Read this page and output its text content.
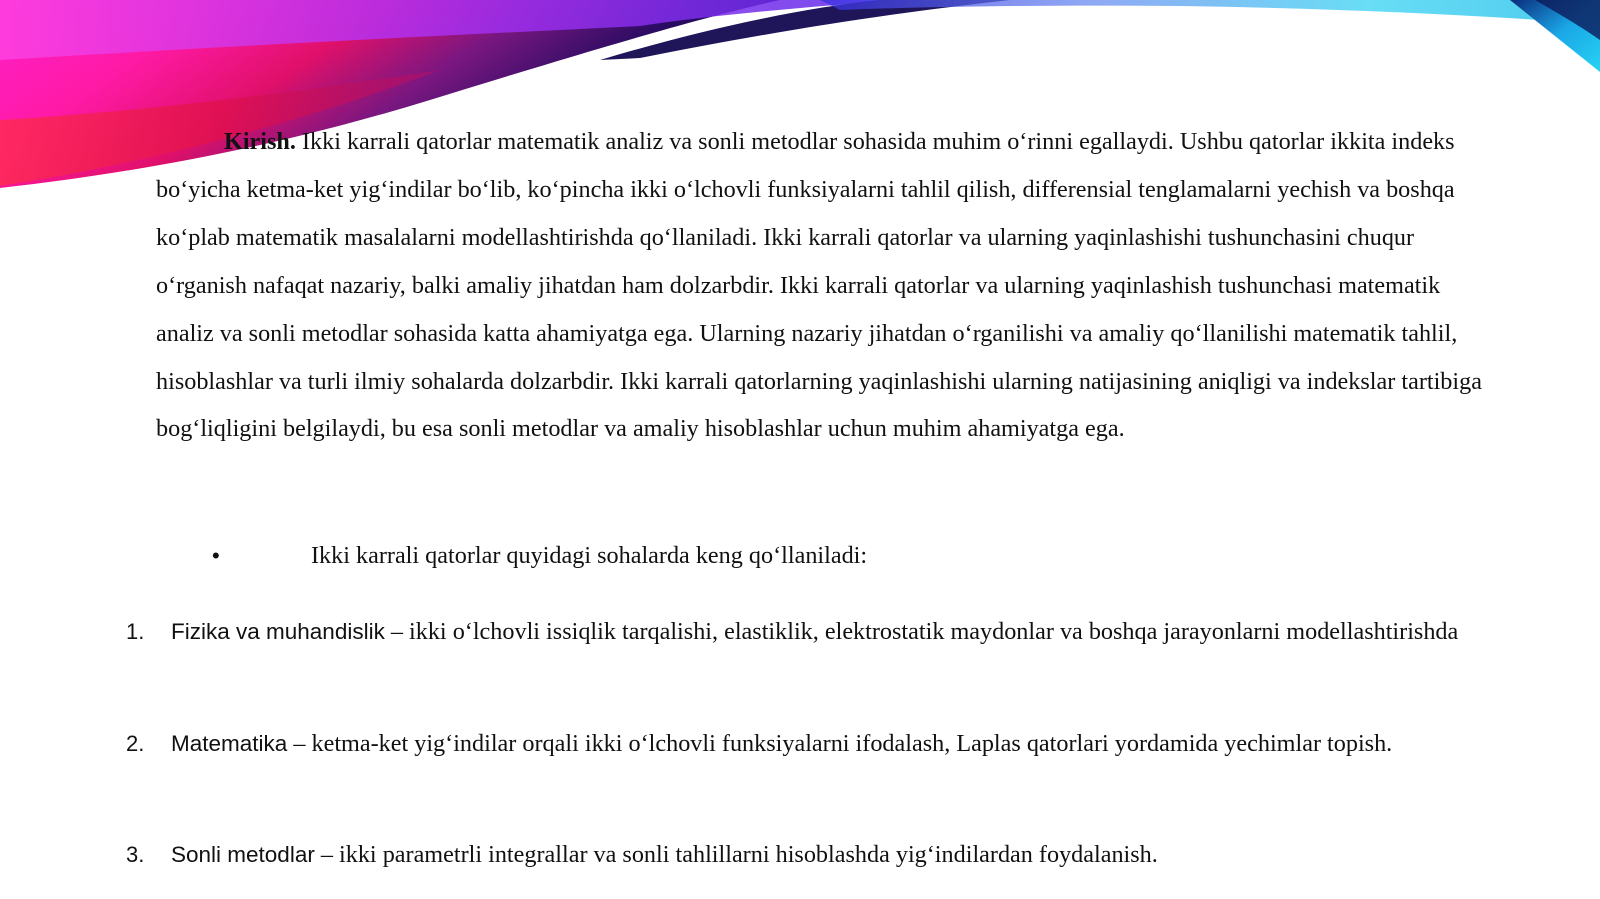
Kirish. Ikki karrali qatorlar matematik analiz va sonli metodlar sohasida muhim o‘rinni egallaydi. Ushbu qatorlar ikkita indeks bo‘yicha ketma-ket yig‘indilar bo‘lib, ko‘pincha ikki o‘lchovli funksiyalarni tahlil qilish, differensial tenglamalarni yechish va boshqa ko‘plab matematik masalalarni modellashtirishda qo‘llaniladi. Ikki karrali qatorlar va ularning yaqinlashishi tushunchasini chuqur o‘rganish nafaqat nazariy, balki amaliy jihatdan ham dolzarbdir. Ikki karrali qatorlar va ularning yaqinlashish tushunchasi matematik analiz va sonli metodlar sohasida katta ahamiyatga ega. Ularning nazariy jihatdan o‘rganilishi va amaliy qo‘llanilishi matematik tahlil, hisoblashlar va turli ilmiy sohalarda dolzarbdir. Ikki karrali qatorlarning yaqinlashishi ularning natijasining aniqligi va indekslar tartibiga bog‘liqligini belgilaydi, bu esa sonli metodlar va amaliy hisoblashlar uchun muhim ahamiyatga ega.

•	Ikki karrali qatorlar quyidagi sohalarda keng qo‘llaniladi:
1. Fizika va muhandislik – ikki o‘lchovli issiqlik tarqalishi, elastiklik, elektrostatik maydonlar va boshqa jarayonlarni modellashtirishda

2. Matematika – ketma-ket yig‘indilar orqali ikki o‘lchovli funksiyalarni ifodalash, Laplas qatorlari yordamida yechimlar topish.

3. Sonli metodlar – ikki parametrli integrallar va sonli tahlillarni hisoblashda yig‘indilardan foydalanish.
